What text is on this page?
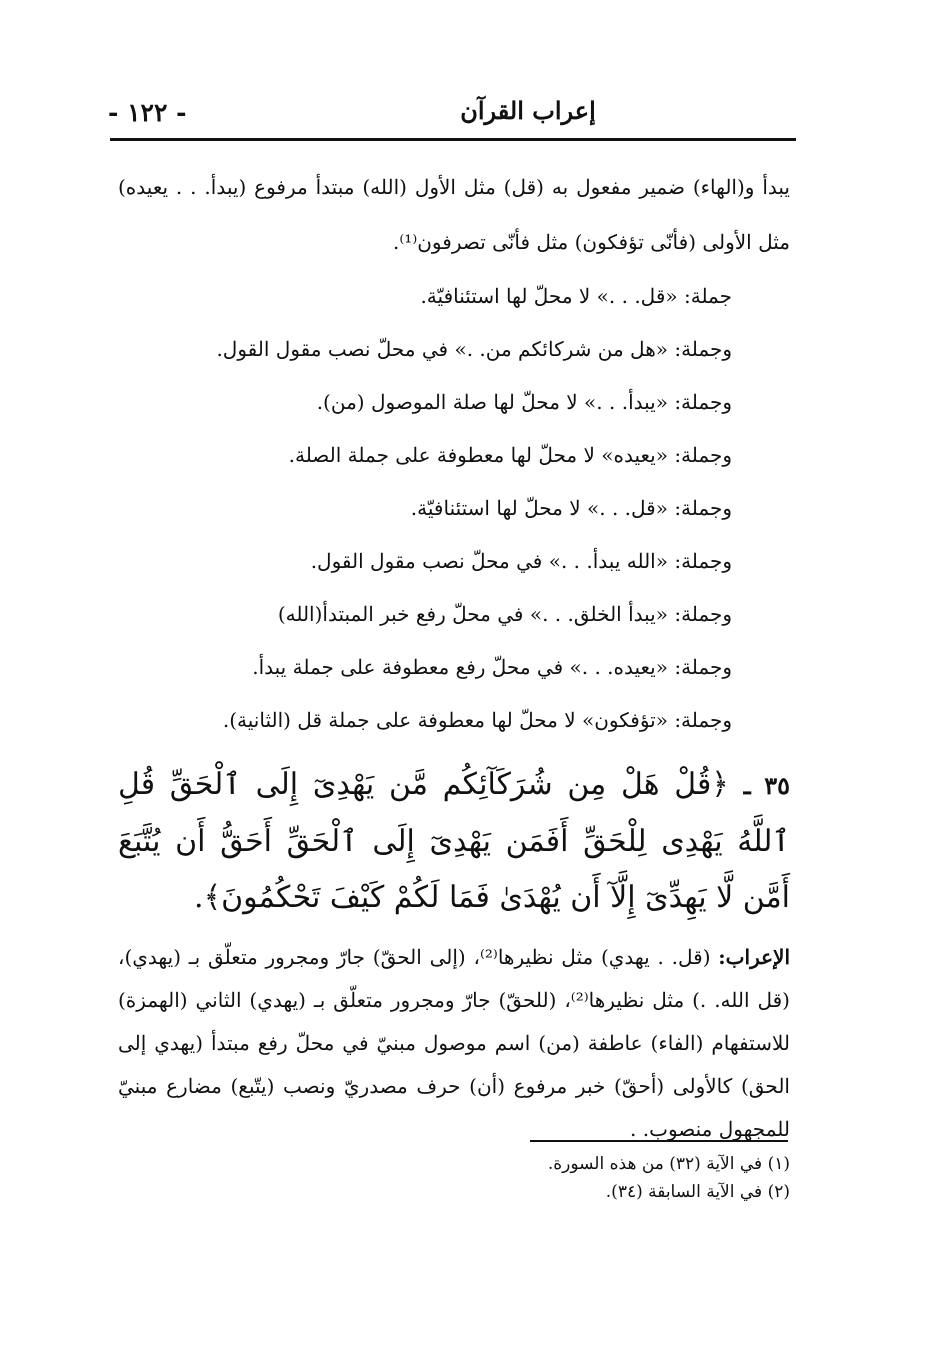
- ١٢٢ -	إعراب القرآن

يبدأ و(الهاء) ضمير مفعول به (قل) مثل الأول (الله) مبتدأ مرفوع (يبدأ. . . يعيده) مثل الأولى (فأنّى تؤفكون) مثل فأنّى تصرفون⁽¹⁾.

جملة: «قل. . .» لا محلّ لها استئنافيّة.
وجملة: «هل من شركائكم من. .» في محلّ نصب مقول القول.
وجملة: «يبدأ. . .» لا محلّ لها صلة الموصول (من).
وجملة: «يعيده» لا محلّ لها معطوفة على جملة الصلة.
وجملة: «قل. . .» لا محلّ لها استئنافيّة.
وجملة: «الله يبدأ. . .» في محلّ نصب مقول القول.
وجملة: «يبدأ الخلق. . .» في محلّ رفع خبر المبتدأ(الله)
وجملة: «يعيده. . .» في محلّ رفع معطوفة على جملة يبدأ.
وجملة: «تؤفكون» لا محلّ لها معطوفة على جملة قل (الثانية).

٣٥ ـ ﴿قُلْ هَلْ مِن شُرَكَآئِكُم مَّن يَهْدِىٓ إِلَى ٱلْحَقِّ قُلِ ٱللَّهُ يَهْدِى لِلْحَقِّ أَفَمَن يَهْدِىٓ إِلَى ٱلْحَقِّ أَحَقُّ أَن يُتَّبَعَ أَمَّن لَّا يَهِدِّىٓ إِلَّآ أَن يُهْدَىٰ فَمَا لَكُمْ كَيْفَ تَحْكُمُونَ﴾.

الإعراب: (قل. . يهدي) مثل نظيرها⁽²⁾، (إلى الحقّ) جارّ ومجرور متعلّق بـ (يهدي)، (قل الله. .) مثل نظيرها⁽²⁾، (للحقّ) جارّ ومجرور متعلّق بـ (يهدي) الثاني (الهمزة) للاستفهام (الفاء) عاطفة (من) اسم موصول مبنيّ في محلّ رفع مبتدأ (يهدي إلى الحق) كالأولى (أحقّ) خبر مرفوع (أن) حرف مصدريّ ونصب (يتّبع) مضارع مبنيّ للمجهول منصوب. .

(١) في الآية (٣٢) من هذه السورة.
(٢) في الآية السابقة (٣٤).
